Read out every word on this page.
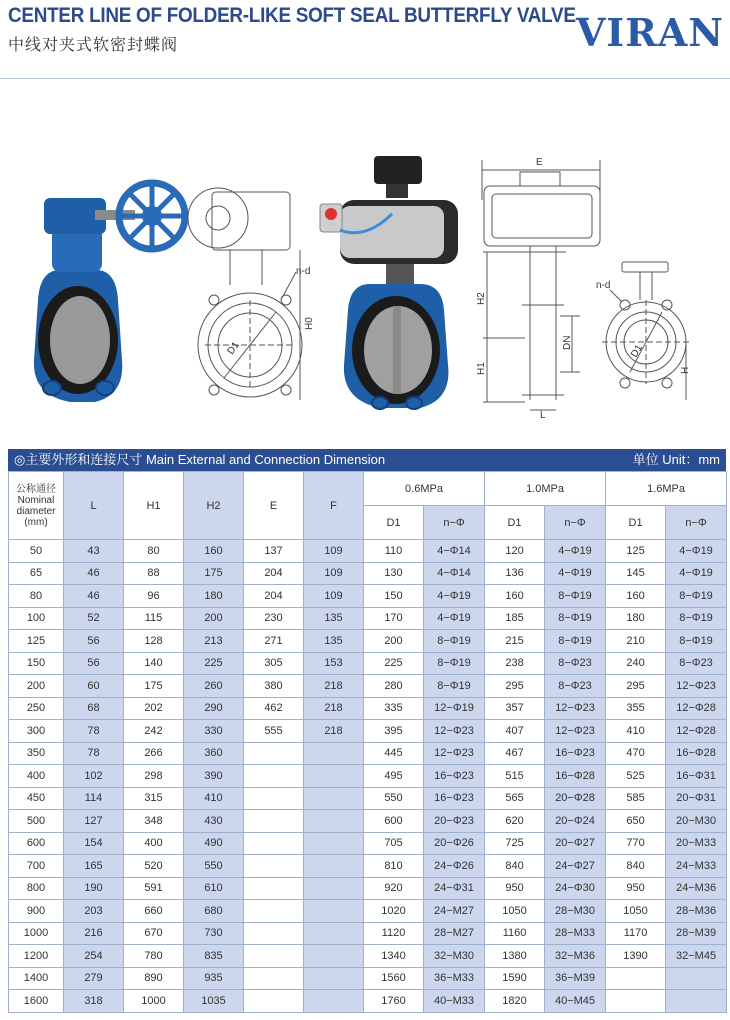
CENTER LINE OF FOLDER-LIKE SOFT SEAL BUTTERFLY VALVE
中线对夹式软密封蝶阀	VIRAN
n-d
H0
D1
E
H2
H1
DN
L
n-d
D1
H
◎主要外形和连接尺寸 Main External and Connection Dimension	单位 Unit：mm
公称通径 Nominal diameter (mm)	L	H1	H2	E	F	0.6MPa		1.0MPa		1.6MPa	
						D1	n−Φ	D1	n−Φ	D1	n−Φ
50	43	80	160	137	109	110	4−Φ14	120	4−Φ19	125	4−Φ19
65	46	88	175	204	109	130	4−Φ14	136	4−Φ19	145	4−Φ19
80	46	96	180	204	109	150	4−Φ19	160	8−Φ19	160	8−Φ19
100	52	115	200	230	135	170	4−Φ19	185	8−Φ19	180	8−Φ19
125	56	128	213	271	135	200	8−Φ19	215	8−Φ19	210	8−Φ19
150	56	140	225	305	153	225	8−Φ19	238	8−Φ23	240	8−Φ23
200	60	175	260	380	218	280	8−Φ19	295	8−Φ23	295	12−Φ23
250	68	202	290	462	218	335	12−Φ19	357	12−Φ23	355	12−Φ28
300	78	242	330	555	218	395	12−Φ23	407	12−Φ23	410	12−Φ28
350	78	266	360			445	12−Φ23	467	16−Φ23	470	16−Φ28
400	102	298	390			495	16−Φ23	515	16−Φ28	525	16−Φ31
450	114	315	410			550	16−Φ23	565	20−Φ28	585	20−Φ31
500	127	348	430			600	20−Φ23	620	20−Φ24	650	20−M30
600	154	400	490			705	20−Φ26	725	20−Φ27	770	20−M33
700	165	520	550			810	24−Φ26	840	24−Φ27	840	24−M33
800	190	591	610			920	24−Φ31	950	24−Φ30	950	24−M36
900	203	660	680			1020	24−M27	1050	28−M30	1050	28−M36
1000	216	670	730			1120	28−M27	1160	28−M33	1170	28−M39
1200	254	780	835			1340	32−M30	1380	32−M36	1390	32−M45
1400	279	890	935			1560	36−M33	1590	36−M39		
1600	318	1000	1035			1760	40−M33	1820	40−M45		
